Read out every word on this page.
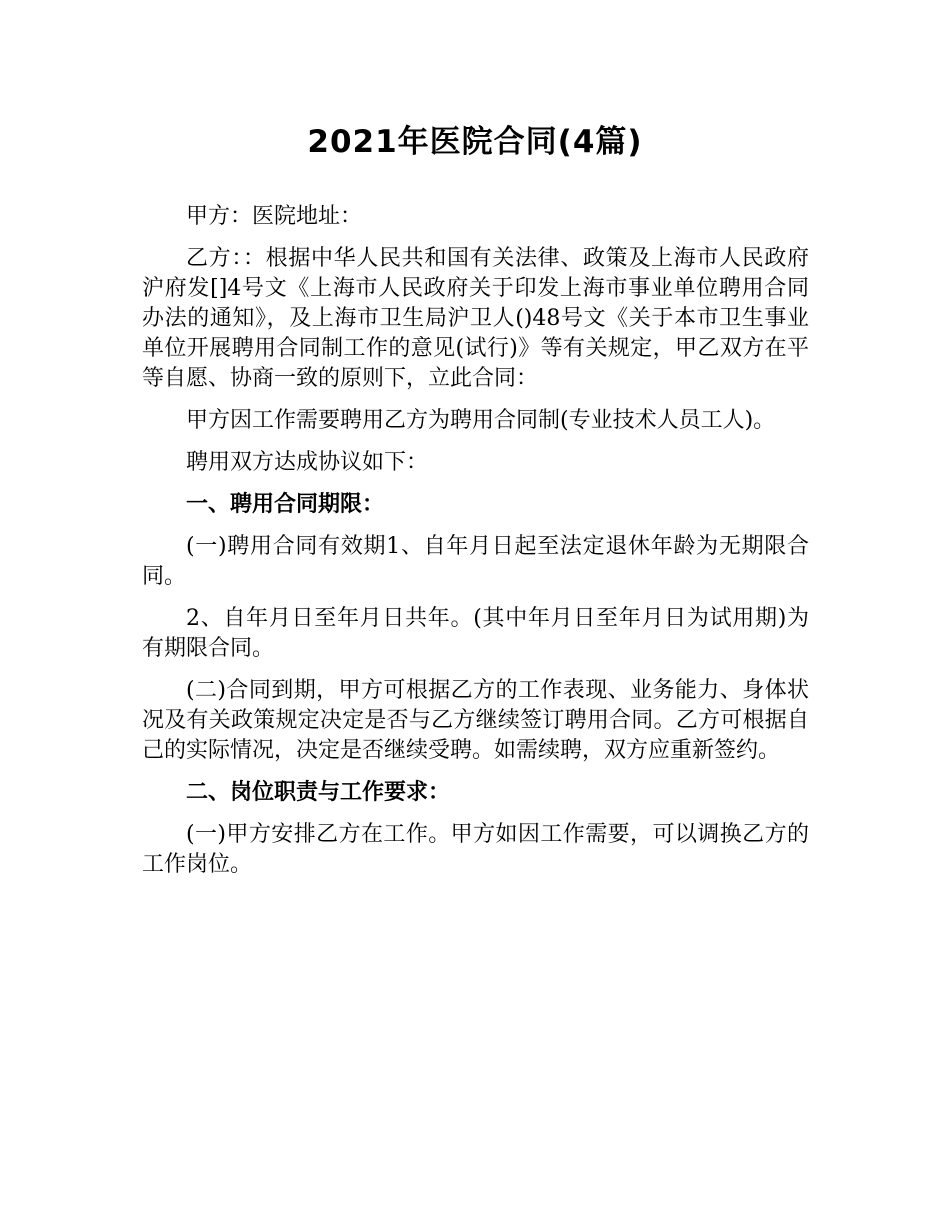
2021年医院合同(4篇)

甲方：医院地址：

乙方：：根据中华人民共和国有关法律、政策及上海市人民政府沪府发[]4号文《上海市人民政府关于印发上海市事业单位聘用合同办法的通知》，及上海市卫生局沪卫人()48号文《关于本市卫生事业单位开展聘用合同制工作的意见(试行)》等有关规定，甲乙双方在平等自愿、协商一致的原则下，立此合同：

甲方因工作需要聘用乙方为聘用合同制(专业技术人员工人)。

聘用双方达成协议如下：

一、聘用合同期限：

(一)聘用合同有效期1、自年月日起至法定退休年龄为无期限合同。

2、自年月日至年月日共年。(其中年月日至年月日为试用期)为有期限合同。

(二)合同到期，甲方可根据乙方的工作表现、业务能力、身体状况及有关政策规定决定是否与乙方继续签订聘用合同。乙方可根据自己的实际情况，决定是否继续受聘。如需续聘，双方应重新签约。

二、岗位职责与工作要求：

(一)甲方安排乙方在工作。甲方如因工作需要，可以调换乙方的工作岗位。
